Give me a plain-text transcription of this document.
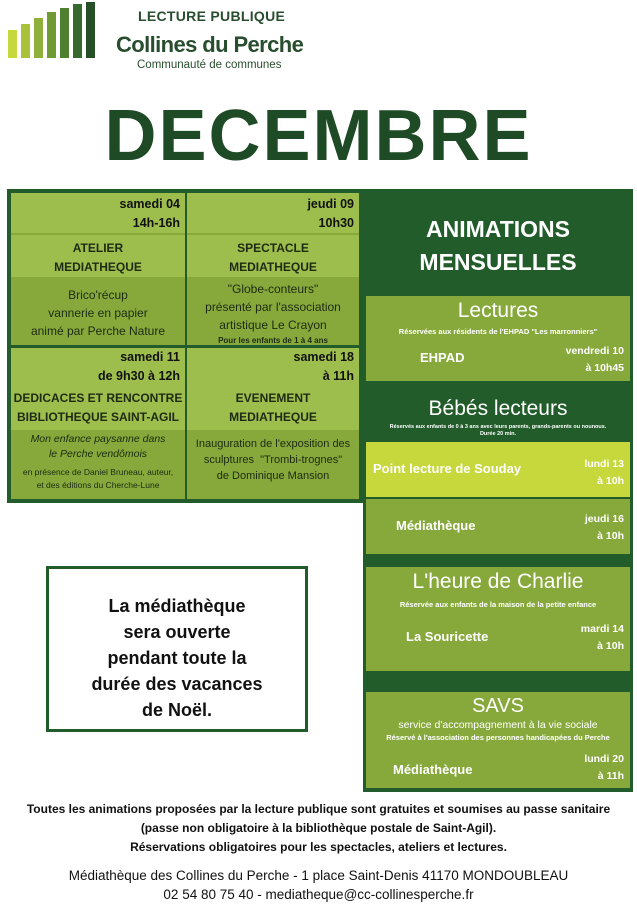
LECTURE PUBLIQUE
Collines du Perche
Communauté de communes
DECEMBRE
samedi 04
14h-16h
ATELIER
MEDIATHEQUE
Brico'récup
vannerie en papier
animé par Perche Nature
jeudi 09
10h30
SPECTACLE
MEDIATHEQUE
"Globe-conteurs"
présenté par l'association
artistique Le Crayon
Pour les enfants de 1 à 4 ans
samedi 11
de 9h30 à 12h
DEDICACES ET RENCONTRE
BIBLIOTHEQUE SAINT-AGIL
Mon enfance paysanne dans
le Perche vendômois
en présence de Daniel Bruneau, auteur,
et des éditions du Cherche-Lune
samedi 18
à 11h
EVENEMENT
MEDIATHEQUE
Inauguration de l'exposition des
sculptures  "Trombi-trognes"
de Dominique Mansion
ANIMATIONS
MENSUELLES
Lectures
Réservées aux résidents de l'EHPAD "Les marronniers"
EHPAD	vendredi 10
à 10h45
Bébés lecteurs
Réservés aux enfants de 0 à 3 ans avec leurs parents, grands-parents ou nounous.
Durée 20 min.
Point lecture de Souday	lundi 13
à 10h
Médiathèque	jeudi 16
à 10h
L'heure de Charlie
Réservée aux enfants de la maison de la petite enfance
La Souricette	mardi 14
à 10h
SAVS
service d'accompagnement à la vie sociale
Réservé à l'association des personnes handicapées du Perche
Médiathèque
lundi 20
à 11h

La médiathèque
sera ouverte
pendant toute la
durée des vacances
de Noël.

Toutes les animations proposées par la lecture publique sont gratuites et soumises au passe sanitaire
(passe non obligatoire à la bibliothèque postale de Saint-Agil).
Réservations obligatoires pour les spectacles, ateliers et lectures.
Médiathèque des Collines du Perche - 1 place Saint-Denis 41170 MONDOUBLEAU
02 54 80 75 40 - mediatheque@cc-collinesperche.fr
